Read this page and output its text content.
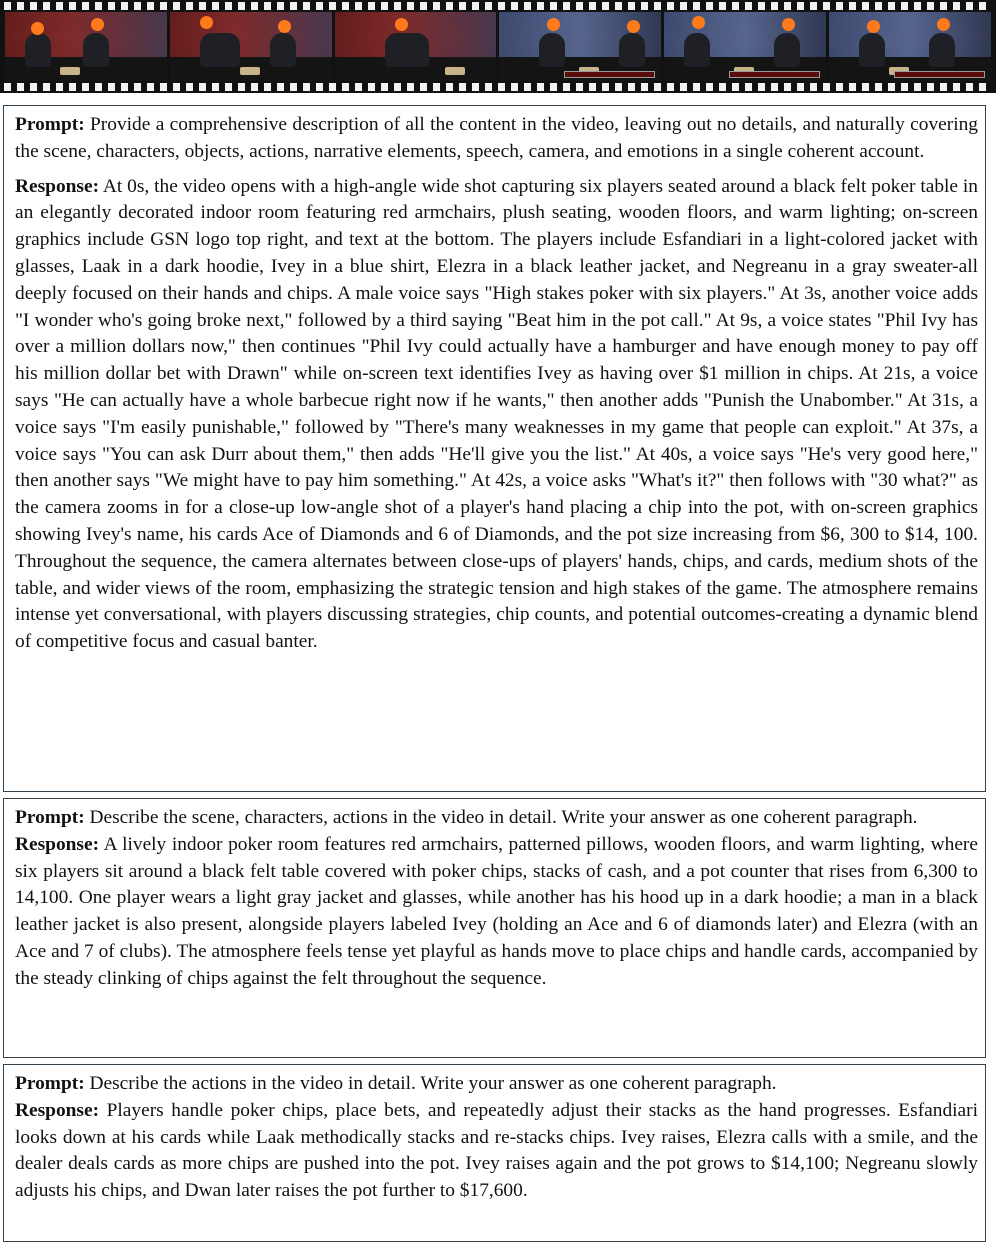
Prompt: Provide a comprehensive description of all the content in the video, leaving out no details, and naturally covering the scene, characters, objects, actions, narrative elements, speech, camera, and emotions in a single coherent account.

Response: At 0s, the video opens with a high-angle wide shot capturing six players seated around a black felt poker table in an elegantly decorated indoor room featuring red armchairs, plush seating, wooden floors, and warm lighting; on-screen graphics include GSN logo top right, and text at the bottom. The players include Esfandiari in a light-colored jacket with glasses, Laak in a dark hoodie, Ivey in a blue shirt, Elezra in a black leather jacket, and Negreanu in a gray sweater-all deeply focused on their hands and chips. A male voice says "High stakes poker with six players." At 3s, another voice adds "I wonder who's going broke next," followed by a third saying "Beat him in the pot call." At 9s, a voice states "Phil Ivy has over a million dollars now," then continues "Phil Ivy could actually have a hamburger and have enough money to pay off his million dollar bet with Drawn" while on-screen text identifies Ivey as having over $1 million in chips. At 21s, a voice says "He can actually have a whole barbecue right now if he wants," then another adds "Punish the Unabomber." At 31s, a voice says "I'm easily punishable," followed by "There's many weaknesses in my game that people can exploit." At 37s, a voice says "You can ask Durr about them," then adds "He'll give you the list." At 40s, a voice says "He's very good here," then another says "We might have to pay him something." At 42s, a voice asks "What's it?" then follows with "30 what?" as the camera zooms in for a close-up low-angle shot of a player's hand placing a chip into the pot, with on-screen graphics showing Ivey's name, his cards Ace of Diamonds and 6 of Diamonds, and the pot size increasing from $6, 300 to $14, 100. Throughout the sequence, the camera alternates between close-ups of players' hands, chips, and cards, medium shots of the table, and wider views of the room, emphasizing the strategic tension and high stakes of the game. The atmosphere remains intense yet conversational, with players discussing strategies, chip counts, and potential outcomes-creating a dynamic blend of competitive focus and casual banter.

Prompt: Describe the scene, characters, actions in the video in detail. Write your answer as one coherent paragraph.

Response: A lively indoor poker room features red armchairs, patterned pillows, wooden floors, and warm lighting, where six players sit around a black felt table covered with poker chips, stacks of cash, and a pot counter that rises from 6,300 to 14,100. One player wears a light gray jacket and glasses, while another has his hood up in a dark hoodie; a man in a black leather jacket is also present, alongside players labeled Ivey (holding an Ace and 6 of diamonds later) and Elezra (with an Ace and 7 of clubs). The atmosphere feels tense yet playful as hands move to place chips and handle cards, accompanied by the steady clinking of chips against the felt throughout the sequence.

Prompt: Describe the actions in the video in detail. Write your answer as one coherent paragraph.

Response: Players handle poker chips, place bets, and repeatedly adjust their stacks as the hand progresses. Esfandiari looks down at his cards while Laak methodically stacks and re-stacks chips. Ivey raises, Elezra calls with a smile, and the dealer deals cards as more chips are pushed into the pot. Ivey raises again and the pot grows to $14,100; Negreanu slowly adjusts his chips, and Dwan later raises the pot further to $17,600.
